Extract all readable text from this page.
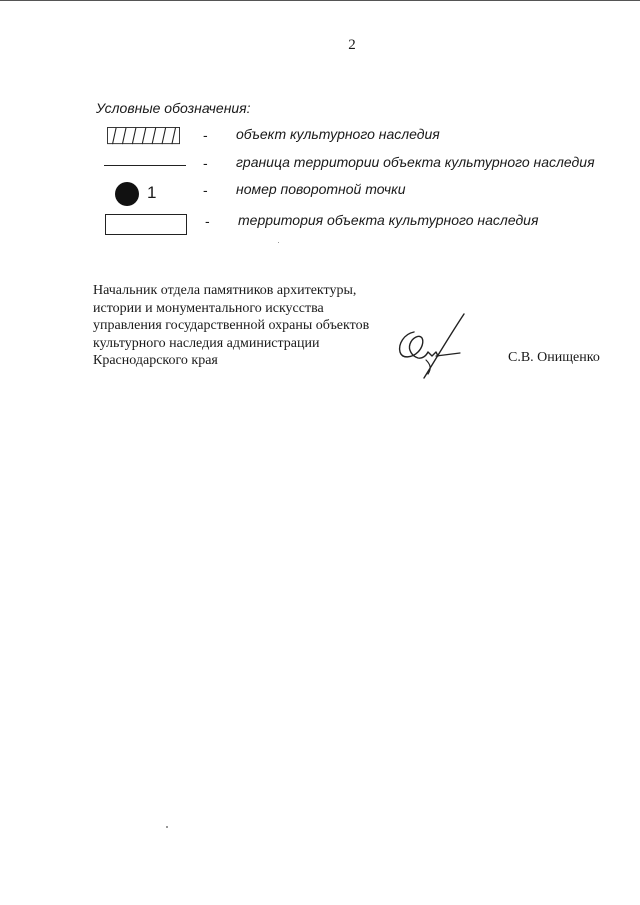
2
Условные обозначения:
- объект культурного наследия
- граница территории объекта культурного наследия
1	- номер поворотной точки
- территория объекта культурного наследия
Начальник отдела памятников архитектуры,
истории и монументального искусства
управления государственной охраны объектов
культурного наследия администрации
Краснодарского края	С.В. Онищенко
